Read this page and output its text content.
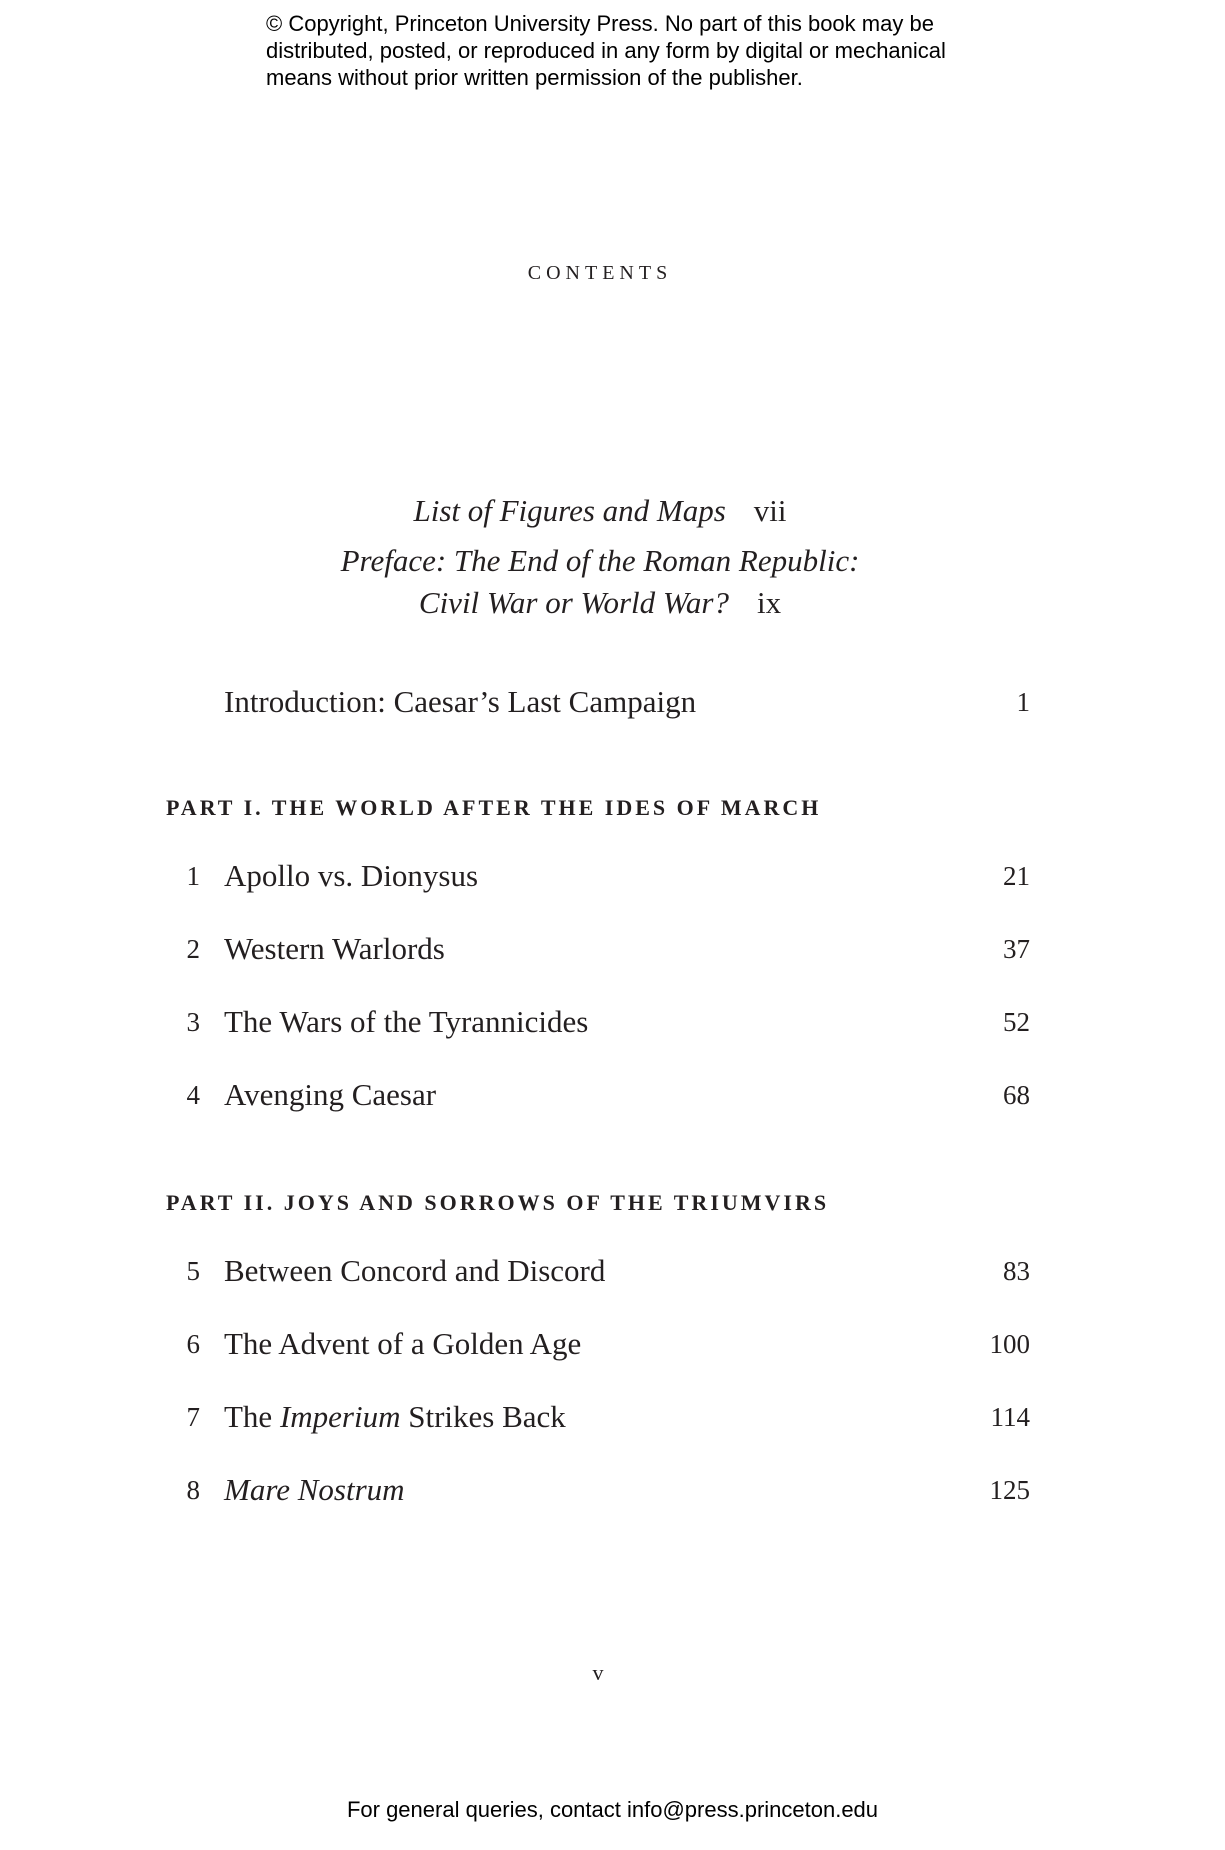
© Copyright, Princeton University Press. No part of this book may be distributed, posted, or reproduced in any form by digital or mechanical means without prior written permission of the publisher.
contents
List of Figures and Maps vii
Preface: The End of the Roman Republic:
Civil War or World War? ix
Introduction: Caesar’s Last Campaign	1
PART I. THE WORLD AFTER THE IDES OF MARCH
1 Apollo vs. Dionysus	21
2 Western Warlords	37
3 The Wars of the Tyrannicides	52
4 Avenging Caesar	68
PART II. JOYS AND SORROWS OF THE TRIUMVIRS
5 Between Concord and Discord	83
6 The Advent of a Golden Age	100
7 The Imperium Strikes Back	114
8 Mare Nostrum	125
v
For general queries, contact info@press.princeton.edu
